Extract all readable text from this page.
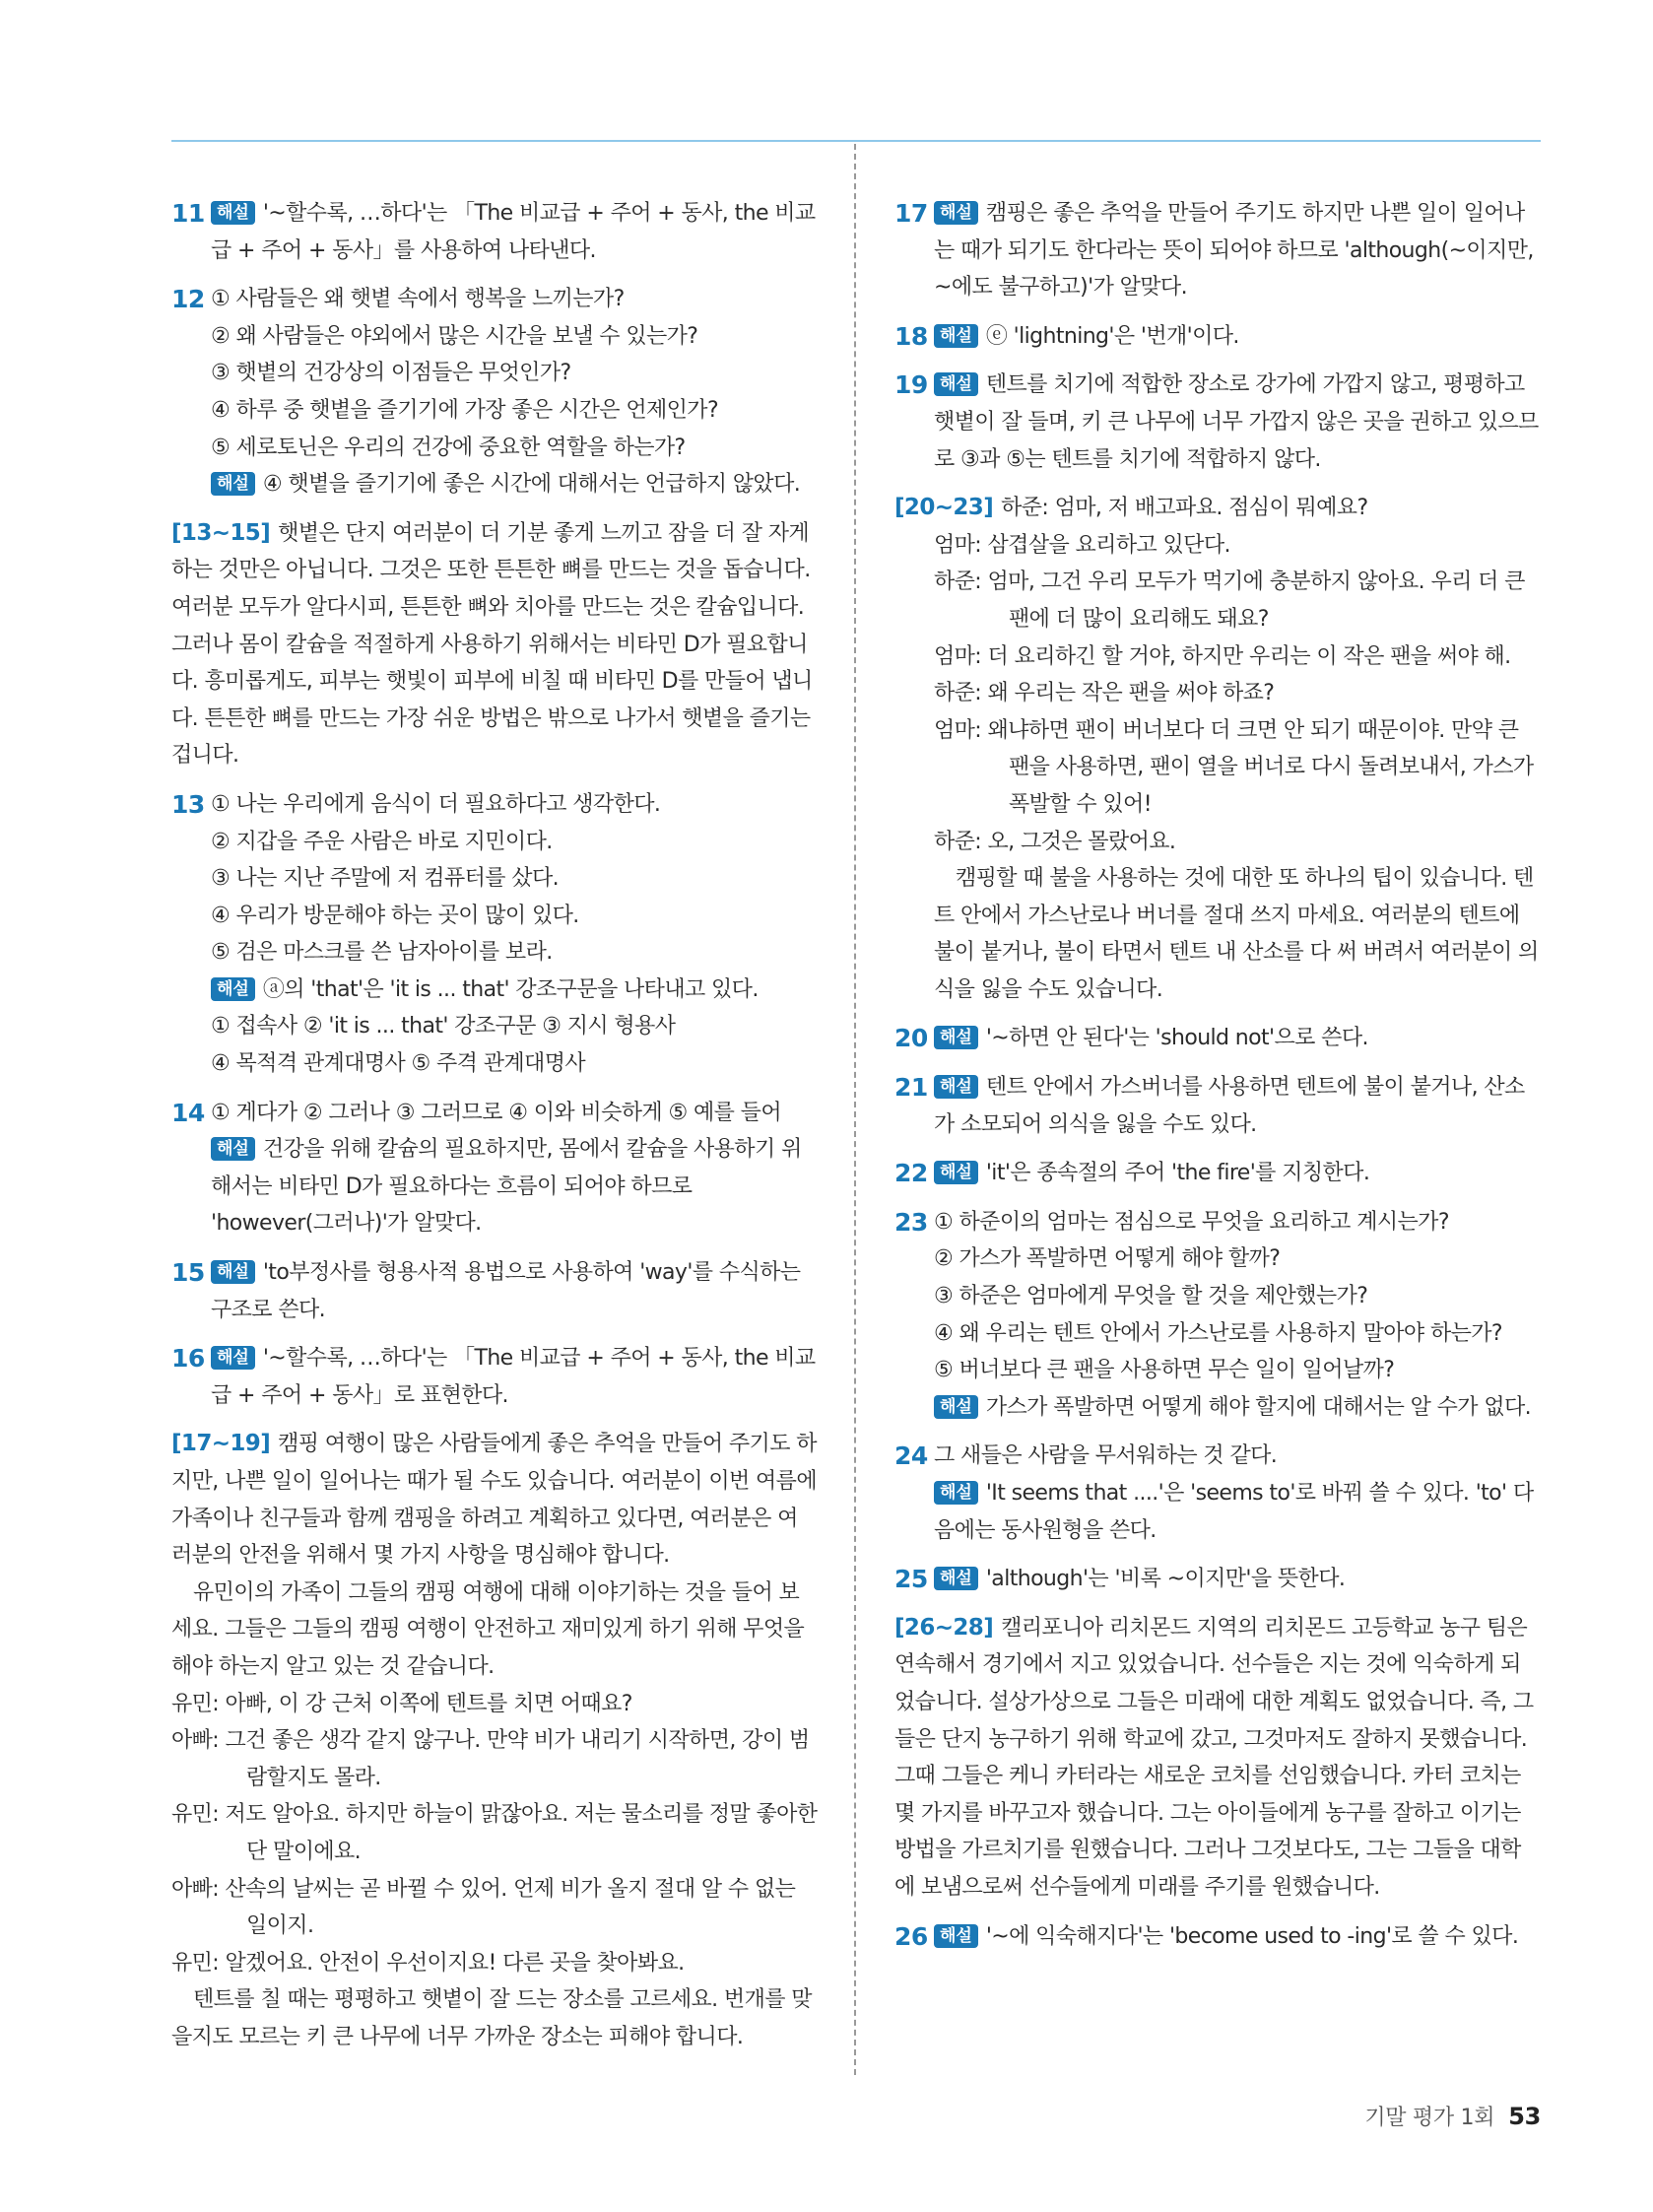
11 해설 '~할수록, …하다'는 「The 비교급 + 주어 + 동사, the 비교급 + 주어 + 동사」를 사용하여 나타낸다.
12 ① 사람들은 왜 햇볕 속에서 행복을 느끼는가?
② 왜 사람들은 야외에서 많은 시간을 보낼 수 있는가?
③ 햇볕의 건강상의 이점들은 무엇인가?
④ 하루 중 햇볕을 즐기기에 가장 좋은 시간은 언제인가?
⑤ 세로토닌은 우리의 건강에 중요한 역할을 하는가?
해설 ④ 햇볕을 즐기기에 좋은 시간에 대해서는 언급하지 않았다.
[13~15] 햇볕은 단지 여러분이 더 기분 좋게 느끼고 잠을 더 잘 자게 하는 것만은 아닙니다. 그것은 또한 튼튼한 뼈를 만드는 것을 돕습니다. 여러분 모두가 알다시피, 튼튼한 뼈와 치아를 만드는 것은 칼슘입니다. 그러나 몸이 칼슘을 적절하게 사용하기 위해서는 비타민 D가 필요합니다. 흥미롭게도, 피부는 햇빛이 피부에 비칠 때 비타민 D를 만들어 냅니다. 튼튼한 뼈를 만드는 가장 쉬운 방법은 밖으로 나가서 햇볕을 즐기는 겁니다.
13 ① 나는 우리에게 음식이 더 필요하다고 생각한다.
② 지갑을 주운 사람은 바로 지민이다.
③ 나는 지난 주말에 저 컴퓨터를 샀다.
④ 우리가 방문해야 하는 곳이 많이 있다.
⑤ 검은 마스크를 쓴 남자아이를 보라.
해설 ⓐ의 'that'은 'it is ... that' 강조구문을 나타내고 있다.
① 접속사 ② 'it is ... that' 강조구문 ③ 지시 형용사
④ 목적격 관계대명사 ⑤ 주격 관계대명사
14 ① 게다가 ② 그러나 ③ 그러므로 ④ 이와 비슷하게 ⑤ 예를 들어
해설 건강을 위해 칼슘의 필요하지만, 몸에서 칼슘을 사용하기 위해서는 비타민 D가 필요하다는 흐름이 되어야 하므로 'however(그러나)'가 알맞다.
15 해설 'to부정사를 형용사적 용법으로 사용하여 'way'를 수식하는 구조로 쓴다.
16 해설 '~할수록, …하다'는 「The 비교급 + 주어 + 동사, the 비교급 + 주어 + 동사」로 표현한다.
[17~19] 캠핑 여행이 많은 사람들에게 좋은 추억을 만들어 주기도 하지만, 나쁜 일이 일어나는 때가 될 수도 있습니다. 여러분이 이번 여름에 가족이나 친구들과 함께 캠핑을 하려고 계획하고 있다면, 여러분은 여러분의 안전을 위해서 몇 가지 사항을 명심해야 합니다.
유민이의 가족이 그들의 캠핑 여행에 대해 이야기하는 것을 들어 보세요. 그들은 그들의 캠핑 여행이 안전하고 재미있게 하기 위해 무엇을 해야 하는지 알고 있는 것 같습니다.
유민: 아빠, 이 강 근처 이쪽에 텐트를 치면 어때요?
아빠: 그건 좋은 생각 같지 않구나. 만약 비가 내리기 시작하면, 강이 범람할지도 몰라.
유민: 저도 알아요. 하지만 하늘이 맑잖아요. 저는 물소리를 정말 좋아한단 말이에요.
아빠: 산속의 날씨는 곧 바뀔 수 있어. 언제 비가 올지 절대 알 수 없는 일이지.
유민: 알겠어요. 안전이 우선이지요! 다른 곳을 찾아봐요.
텐트를 칠 때는 평평하고 햇볕이 잘 드는 장소를 고르세요. 번개를 맞을지도 모르는 키 큰 나무에 너무 가까운 장소는 피해야 합니다.
17 해설 캠핑은 좋은 추억을 만들어 주기도 하지만 나쁜 일이 일어나는 때가 되기도 한다라는 뜻이 되어야 하므로 'although(~이지만, ~에도 불구하고)'가 알맞다.
18 해설 ⓔ 'lightning'은 '번개'이다.
19 해설 텐트를 치기에 적합한 장소로 강가에 가깝지 않고, 평평하고 햇볕이 잘 들며, 키 큰 나무에 너무 가깝지 않은 곳을 권하고 있으므로 ③과 ⑤는 텐트를 치기에 적합하지 않다.
[20~23] 하준: 엄마, 저 배고파요. 점심이 뭐예요?
엄마: 삼겹살을 요리하고 있단다.
하준: 엄마, 그건 우리 모두가 먹기에 충분하지 않아요. 우리 더 큰 팬에 더 많이 요리해도 돼요?
엄마: 더 요리하긴 할 거야, 하지만 우리는 이 작은 팬을 써야 해.
하준: 왜 우리는 작은 팬을 써야 하죠?
엄마: 왜냐하면 팬이 버너보다 더 크면 안 되기 때문이야. 만약 큰 팬을 사용하면, 팬이 열을 버너로 다시 돌려보내서, 가스가 폭발할 수 있어!
하준: 오, 그것은 몰랐어요.
캠핑할 때 불을 사용하는 것에 대한 또 하나의 팁이 있습니다. 텐트 안에서 가스난로나 버너를 절대 쓰지 마세요. 여러분의 텐트에 불이 붙거나, 불이 타면서 텐트 내 산소를 다 써 버려서 여러분이 의식을 잃을 수도 있습니다.
20 해설 '~하면 안 된다'는 'should not'으로 쓴다.
21 해설 텐트 안에서 가스버너를 사용하면 텐트에 불이 붙거나, 산소가 소모되어 의식을 잃을 수도 있다.
22 해설 'it'은 종속절의 주어 'the fire'를 지칭한다.
23 ① 하준이의 엄마는 점심으로 무엇을 요리하고 계시는가?
② 가스가 폭발하면 어떻게 해야 할까?
③ 하준은 엄마에게 무엇을 할 것을 제안했는가?
④ 왜 우리는 텐트 안에서 가스난로를 사용하지 말아야 하는가?
⑤ 버너보다 큰 팬을 사용하면 무슨 일이 일어날까?
해설 가스가 폭발하면 어떻게 해야 할지에 대해서는 알 수가 없다.
24 그 새들은 사람을 무서워하는 것 같다.
해설 'It seems that ....'은 'seems to'로 바꿔 쓸 수 있다. 'to' 다음에는 동사원형을 쓴다.
25 해설 'although'는 '비록 ~이지만'을 뜻한다.
[26~28] 캘리포니아 리치몬드 지역의 리치몬드 고등학교 농구 팀은 연속해서 경기에서 지고 있었습니다. 선수들은 지는 것에 익숙하게 되었습니다. 설상가상으로 그들은 미래에 대한 계획도 없었습니다. 즉, 그들은 단지 농구하기 위해 학교에 갔고, 그것마저도 잘하지 못했습니다. 그때 그들은 케니 카터라는 새로운 코치를 선임했습니다. 카터 코치는 몇 가지를 바꾸고자 했습니다. 그는 아이들에게 농구를 잘하고 이기는 방법을 가르치기를 원했습니다. 그러나 그것보다도, 그는 그들을 대학에 보냄으로써 선수들에게 미래를 주기를 원했습니다.
26 해설 '~에 익숙해지다'는 'become used to -ing'로 쓸 수 있다.
기말 평가 1회 53
